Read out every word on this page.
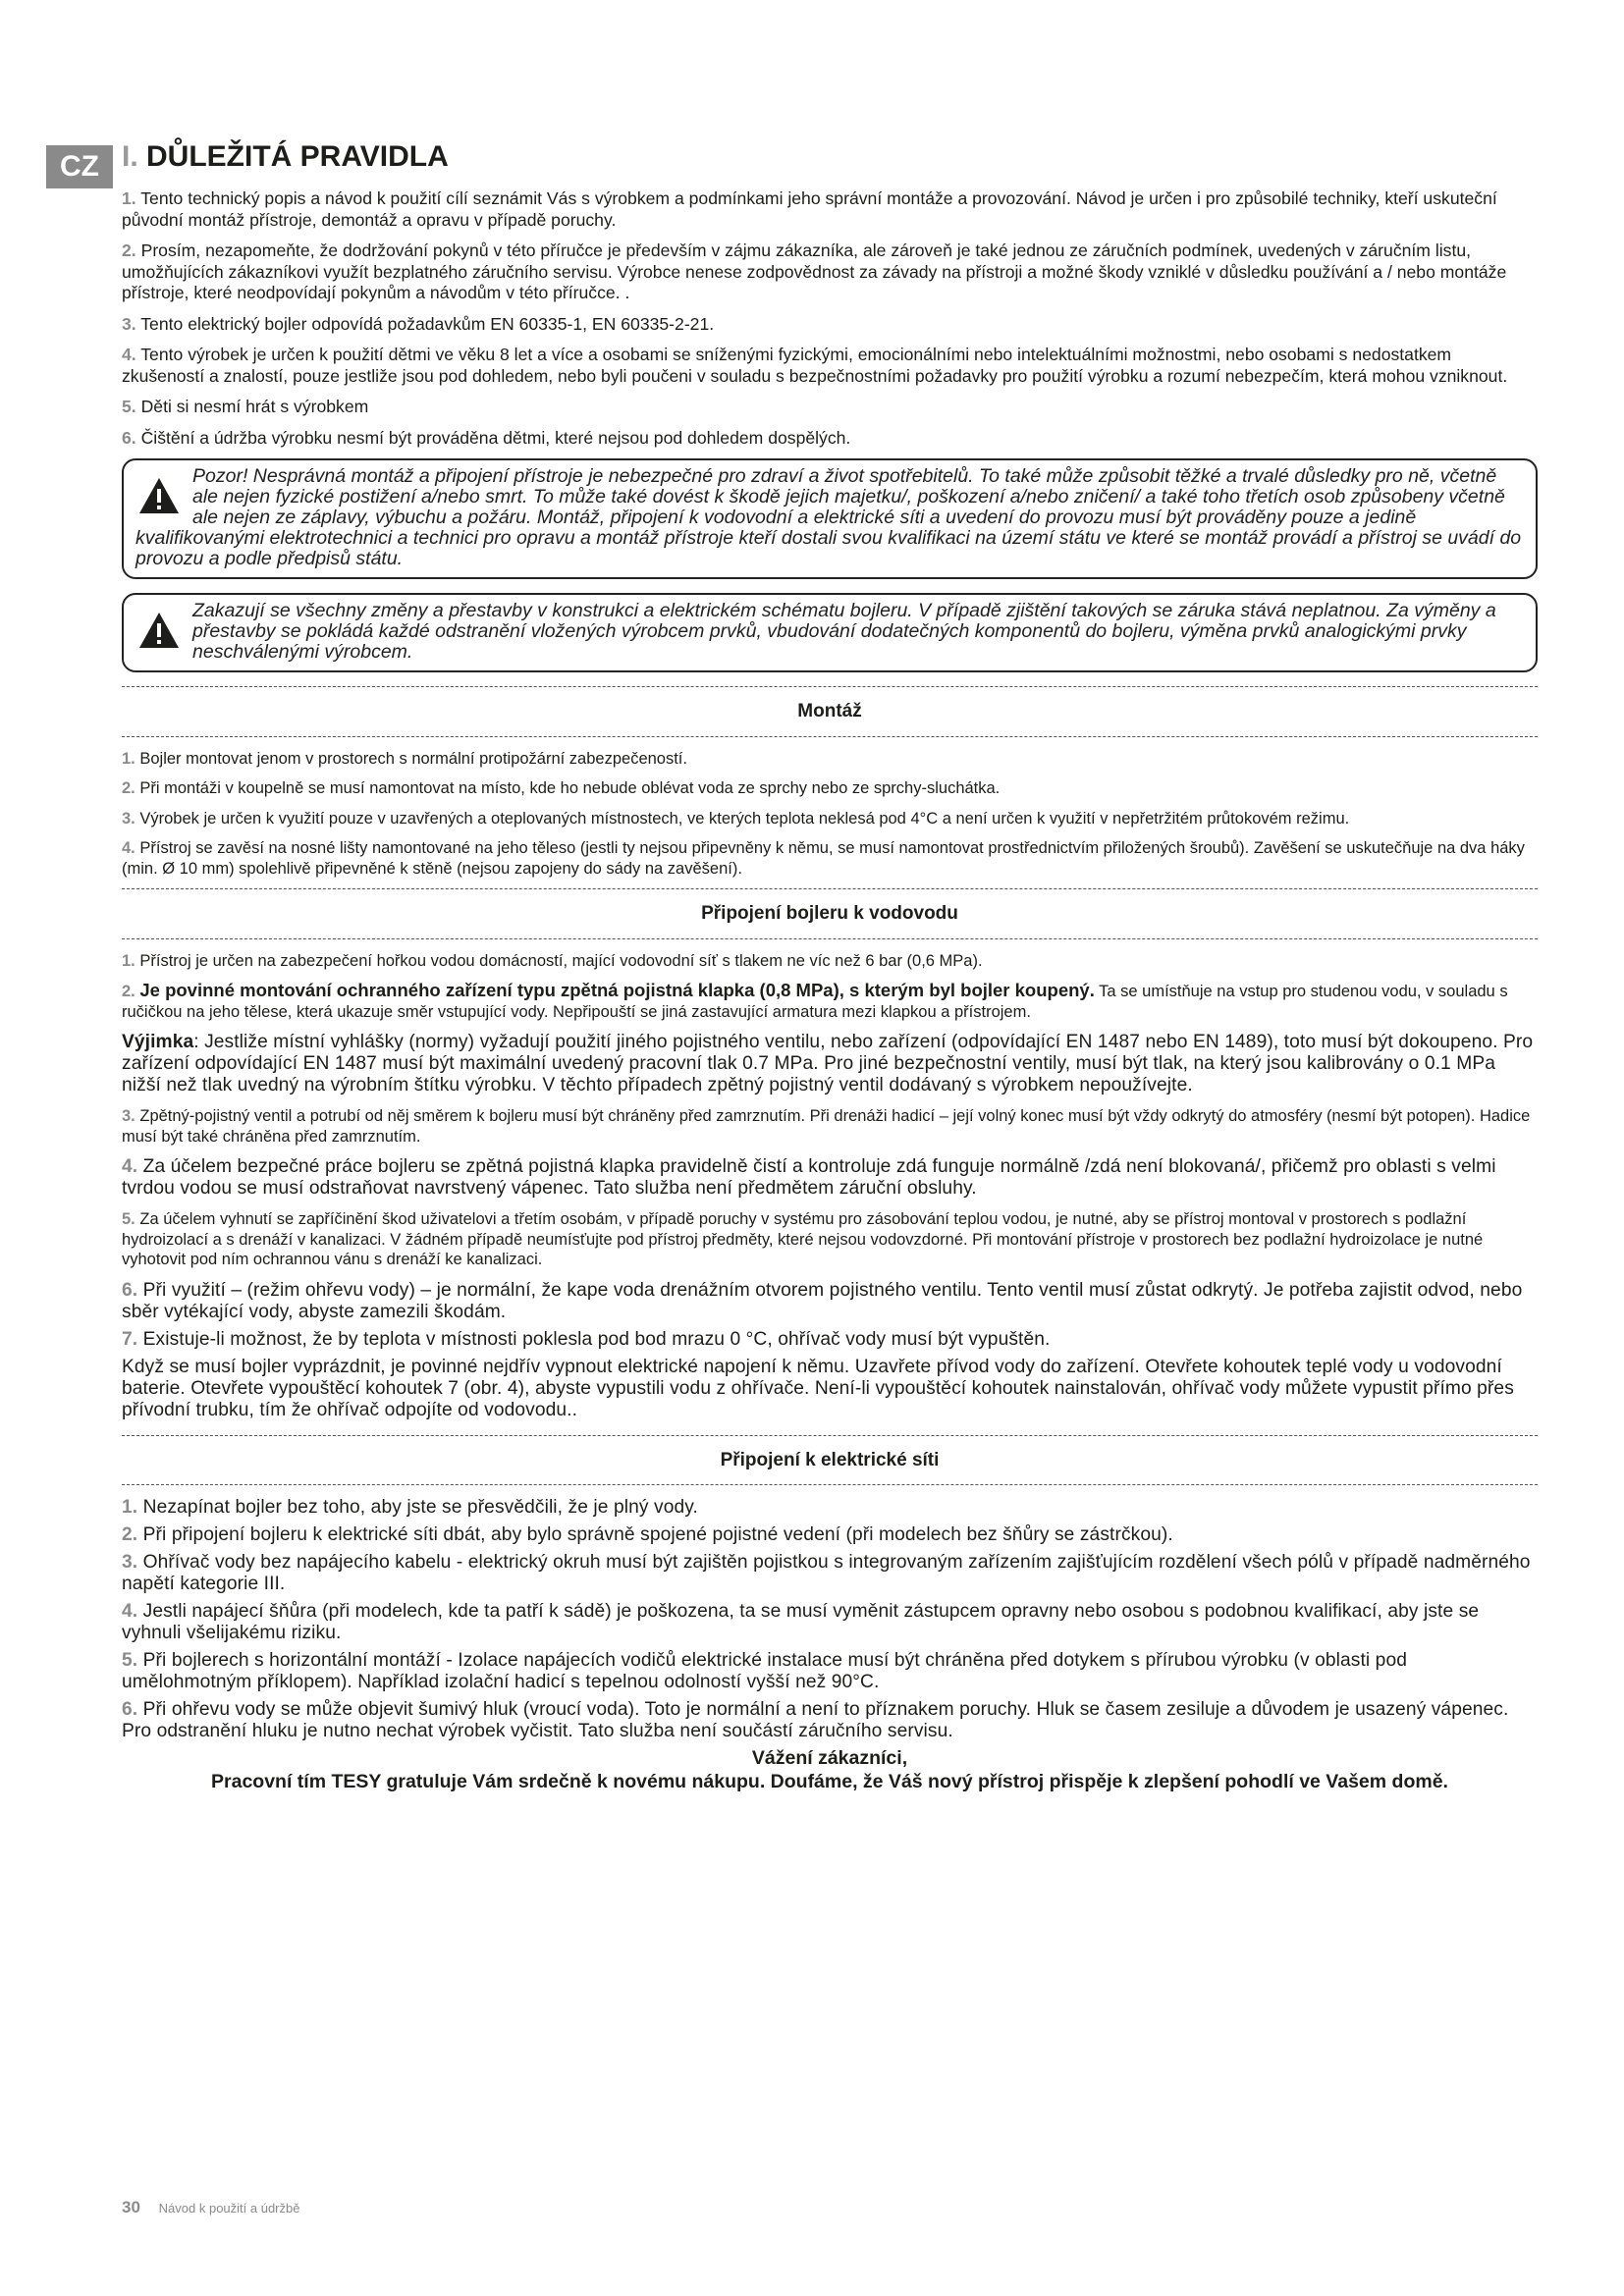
CZ I. DŮLEŽITÁ PRAVIDLA
1. Tento technický popis a návod k použití cílí seznámit Vás s výrobkem a podmínkami jeho správní montáže a provozování. Návod je určen i pro způsobilé techniky, kteří uskuteční původní montáž přístroje, demontáž a opravu v případě poruchy.
2. Prosím, nezapomeňte, že dodržování pokynů v této příručce je především v zájmu zákazníka, ale zároveň je také jednou ze záručních podmínek, uvedených v záručním listu, umožňujících zákazníkovi využít bezplatného záručního servisu. Výrobce nenese zodpovědnost za závady na přístroji a možné škody vzniklé v důsledku používání a / nebo montáže přístroje, které neodpovídají pokynům a návodům v této příručce. .
3. Tento elektrický bojler odpovídá požadavkům EN 60335-1, EN 60335-2-21.
4. Tento výrobek je určen k použití dětmi ve věku 8 let a více a osobami se sníženými fyzickými, emocionálními nebo intelektuálními možnostmi, nebo osobami s nedostatkem zkušeností a znalostí, pouze jestliže jsou pod dohledem, nebo byli poučeni v souladu s bezpečnostními požadavky pro použití výrobku a rozumí nebezpečím, která mohou vzniknout.
5. Děti si nesmí hrát s výrobkem
6. Čištění a údržba výrobku nesmí být prováděna dětmi, které nejsou pod dohledem dospělých.
Pozor! Nesprávná montáž a připojení přístroje je nebezpečné pro zdraví a život spotřebitelů. To také může způsobit těžké a trvalé důsledky pro ně, včetně ale nejen fyzické postižení a/nebo smrt. To může také dovést k škodě jejich majetku/, poškození a/nebo zničení/ a také toho třetích osob způsobeny včetně ale nejen ze záplavy, výbuchu a požáru. Montáž, připojení k vodovodní a elektrické síti a uvedení do provozu musí být prováděny pouze a jedině kvalifikovanými elektrotechnici a technici pro opravu a montáž přístroje kteří dostali svou kvalifikaci na území státu ve které se montáž provádí a přístroj se uvádí do provozu a podle předpisů státu.
Zakazují se všechny změny a přestavby v konstrukci a elektrickém schématu bojleru. V případě zjištění takových se záruka stává neplatnou. Za výměny a přestavby se pokládá každé odstranění vložených výrobcem prvků, vbudování dodatečných komponentů do bojleru, výměna prvků analogickými prvky neschválenými výrobcem.
Montáž
1. Bojler montovat jenom v prostorech s normální protipožární zabezpečeností.
2. Při montáži v koupelně se musí namontovat na místo, kde ho nebude oblévat voda ze sprchy nebo ze sprchy-sluchátka.
3. Výrobek je určen k využití pouze v uzavřených a oteplovaných místnostech, ve kterých teplota neklesá pod 4°C a není určen k využití v nepřetržitém průtokovém režimu.
4. Přístroj se zavěsí na nosné lišty namontované na jeho těleso (jestli ty nejsou připevněny k němu, se musí namontovat prostřednictvím přiložených šroubů). Zavěšení se uskutečňuje na dva háky (min. Ø 10 mm) spolehlivě připevněné k stěně (nejsou zapojeny do sády na zavěšení).
Připojení bojleru k vodovodu
1. Přístroj je určen na zabezpečení hořkou vodou domácností, mající vodovodní síť s tlakem ne víc než 6 bar (0,6 MPa).
2. Je povinné montování ochranného zařízení typu zpětná pojistná klapka (0,8 MPa), s kterým byl bojler koupený. Ta se umístňuje na vstup pro studenou vodu, v souladu s ručičkou na jeho tělese, která ukazuje směr vstupující vody. Nepřipouští se jiná zastavující armatura mezi klapkou a přístrojem.
Výjimka: Jestliže místní vyhlášky (normy) vyžadují použití jiného pojistného ventilu, nebo zařízení (odpovídající EN 1487 nebo EN 1489), toto musí být dokoupeno. Pro zařízení odpovídající EN 1487 musí být maximální uvedený pracovní tlak 0.7 MPa. Pro jiné bezpečnostní ventily, musí být tlak, na který jsou kalibrovány o 0.1 MPa nižší než tlak uvedný na výrobním štítku výrobku. V těchto případech zpětný pojistný ventil dodávaný s výrobkem nepoužívejte.
3. Zpětný-pojistný ventil a potrubí od něj směrem k bojleru musí být chráněny před zamrznutím. Při drenáži hadicí – její volný konec musí být vždy odkrytý do atmosféry (nesmí být potopen). Hadice musí být také chráněna před zamrznutím.
4. Za účelem bezpečné práce bojleru se zpětná pojistná klapka pravidelně čistí a kontroluje zdá funguje normálně /zdá není blokovaná/, přičemž pro oblasti s velmi tvrdou vodou se musí odstraňovat navrstvený vápenec. Tato služba není předmětem záruční obsluhy.
5. Za účelem vyhnutí se zapříčinění škod uživatelovi a třetím osobám, v případě poruchy v systému pro zásobování teplou vodou, je nutné, aby se přístroj montoval v prostorech s podlažní hydroizolací a s drenáží v kanalizaci. V žádném případě neumísťujte pod přístroj předměty, které nejsou vodovzdorné. Při montování přístroje v prostorech bez podlažní hydroizolace je nutné vyhotovit pod ním ochrannou vánu s drenáží ke kanalizaci.
6. Při využití – (režim ohřevu vody) – je normální, že kape voda drenážním otvorem pojistného ventilu. Tento ventil musí zůstat odkrytý. Je potřeba zajistit odvod, nebo sběr vytékající vody, abyste zamezili škodám.
7. Existuje-li možnost, že by teplota v místnosti poklesla pod bod mrazu 0 °C, ohřívač vody musí být vypuštěn.
Když se musí bojler vyprázdnit, je povinné nejdřív vypnout elektrické napojení k němu. Uzavřete přívod vody do zařízení. Otevřete kohoutek teplé vody u vodovodní baterie. Otevřete vypouštěcí kohoutek 7 (obr. 4), abyste vypustili vodu z ohřívače. Není-li vypouštěcí kohoutek nainstalován, ohřívač vody můžete vypustit přímo přes přívodní trubku, tím že ohřívač odpojíte od vodovodu..
Připojení k elektrické síti
1. Nezapínat bojler bez toho, aby jste se přesvědčili, že je plný vody.
2. Při připojení bojleru k elektrické síti dbát, aby bylo správně spojené pojistné vedení (při modelech bez šňůry se zástrčkou).
3. Ohřívač vody bez napájecího kabelu - elektrický okruh musí být zajištěn pojistkou s integrovaným zařízením zajišťujícím rozdělení všech pólů v případě nadměrného napětí kategorie III.
4. Jestli napájecí šňůra (při modelech, kde ta patří k sádě) je poškozena, ta se musí vyměnit zástupcem opravny nebo osobou s podobnou kvalifikací, aby jste se vyhnuli všelijakému riziku.
5. Při bojlerech s horizontální montáží - Izolace napájecích vodičů elektrické instalace musí být chráněna před dotykem s přírubou výrobku (v oblasti pod umělohmotným příklopem). Například izolační hadicí s tepelnou odolností vyšší než 90°C.
6. Při ohřevu vody se může objevit šumivý hluk (vroucí voda). Toto je normální a není to příznakem poruchy. Hluk se časem zesiluje a důvodem je usazený vápenec. Pro odstranění hluku je nutno nechat výrobek vyčistit. Tato služba není součástí záručního servisu.
Vážení zákazníci,
Pracovní tím TESY gratuluje Vám srdečně k novému nákupu. Doufáme, že Váš nový přístroj přispěje k zlepšení pohodlí ve Vašem domě.
30 Návod k použití a údržbě
